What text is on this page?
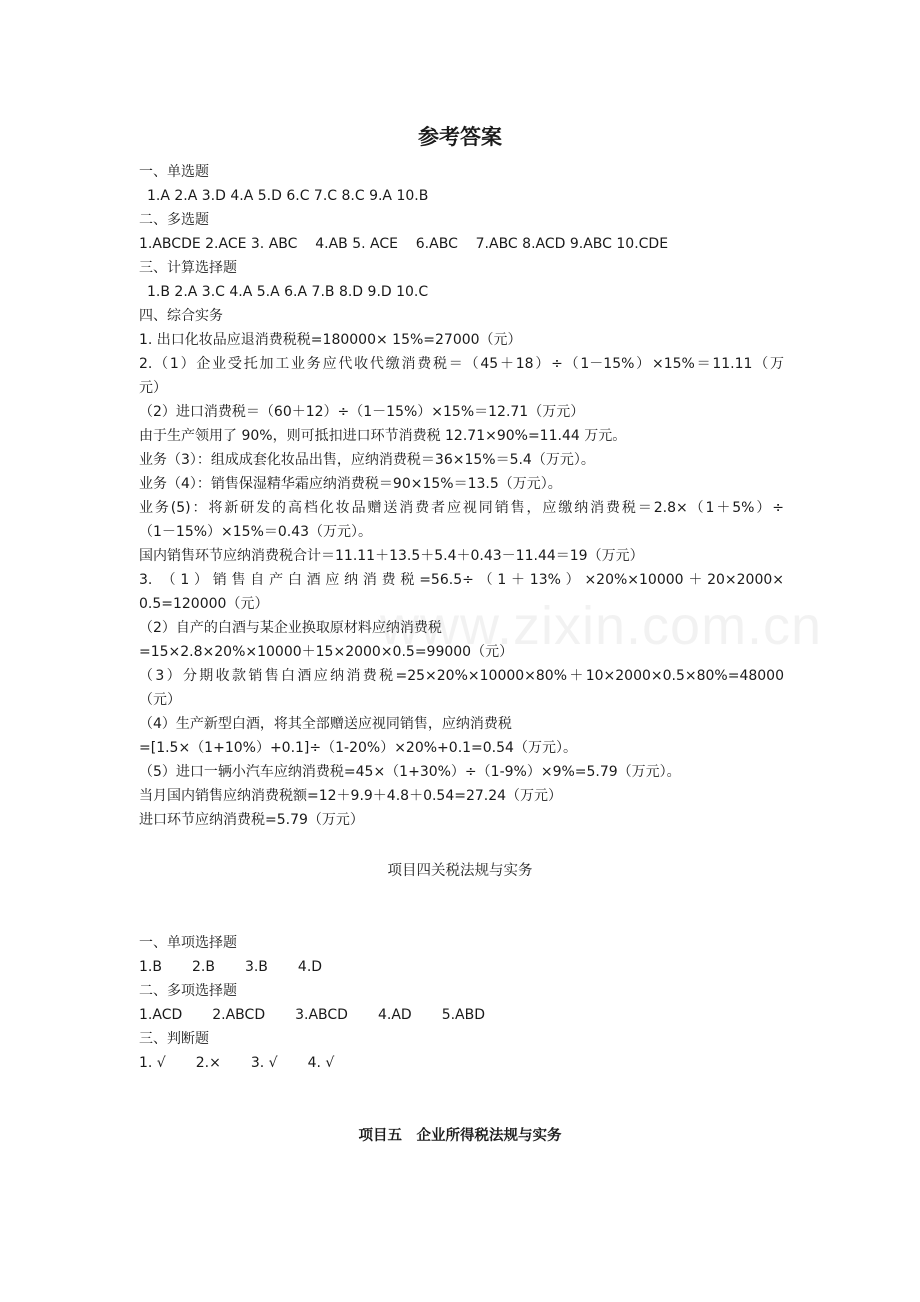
www.zixin.com.cn
参考答案
一、单选题
1.A 2.A 3.D 4.A 5.D 6.C 7.C 8.C 9.A 10.B
二、多选题
1.ABCDE 2.ACE 3. ABC    4.AB 5. ACE    6.ABC    7.ABC 8.ACD 9.ABC 10.CDE
三、计算选择题
1.B 2.A 3.C 4.A 5.A 6.A 7.B 8.D 9.D 10.C
四、综合实务
1. 出口化妆品应退消费税税=180000× 15%=27000（元）
2.（1）企业受托加工业务应代收代缴消费税＝（45＋18）÷（1－15%）×15%＝11.11（万
元）
（2）进口消费税＝（60＋12）÷（1－15%）×15%＝12.71（万元）
由于生产领用了 90%，则可抵扣进口环节消费税 12.71×90%=11.44 万元。
业务（3）：组成成套化妆品出售，应纳消费税＝36×15%＝5.4（万元）。
业务（4）：销售保湿精华霜应纳消费税＝90×15%＝13.5（万元）。
业务(5)：将新研发的高档化妆品赠送消费者应视同销售，应缴纳消费税＝2.8×（1＋5%）÷
（1－15%）×15%＝0.43（万元）。
国内销售环节应纳消费税合计＝11.11＋13.5＋5.4＋0.43－11.44＝19（万元）
3. （1）销售自产白酒应纳消费税=56.5÷（1＋13%）×20%×10000＋20×2000×
0.5=120000（元）
（2）自产的白酒与某企业换取原材料应纳消费税
=15×2.8×20%×10000＋15×2000×0.5=99000（元）
（3）分期收款销售白酒应纳消费税=25×20%×10000×80%＋10×2000×0.5×80%=48000
（元）
（4）生产新型白酒，将其全部赠送应视同销售，应纳消费税
=[1.5×（1+10%）+0.1]÷（1-20%）×20%+0.1=0.54（万元）。
（5）进口一辆小汽车应纳消费税=45×（1+30%）÷（1-9%）×9%=5.79（万元）。
当月国内销售应纳消费税额=12＋9.9＋4.8＋0.54=27.24（万元）
进口环节应纳消费税=5.79（万元）
项目四关税法规与实务
一、单项选择题
1.B 2.B 3.B 4.D
二、多项选择题
1.ACD 2.ABCD 3.ABCD 4.AD 5.ABD
三、判断题
1. √ 2.× 3. √ 4. √
项目五　企业所得税法规与实务
